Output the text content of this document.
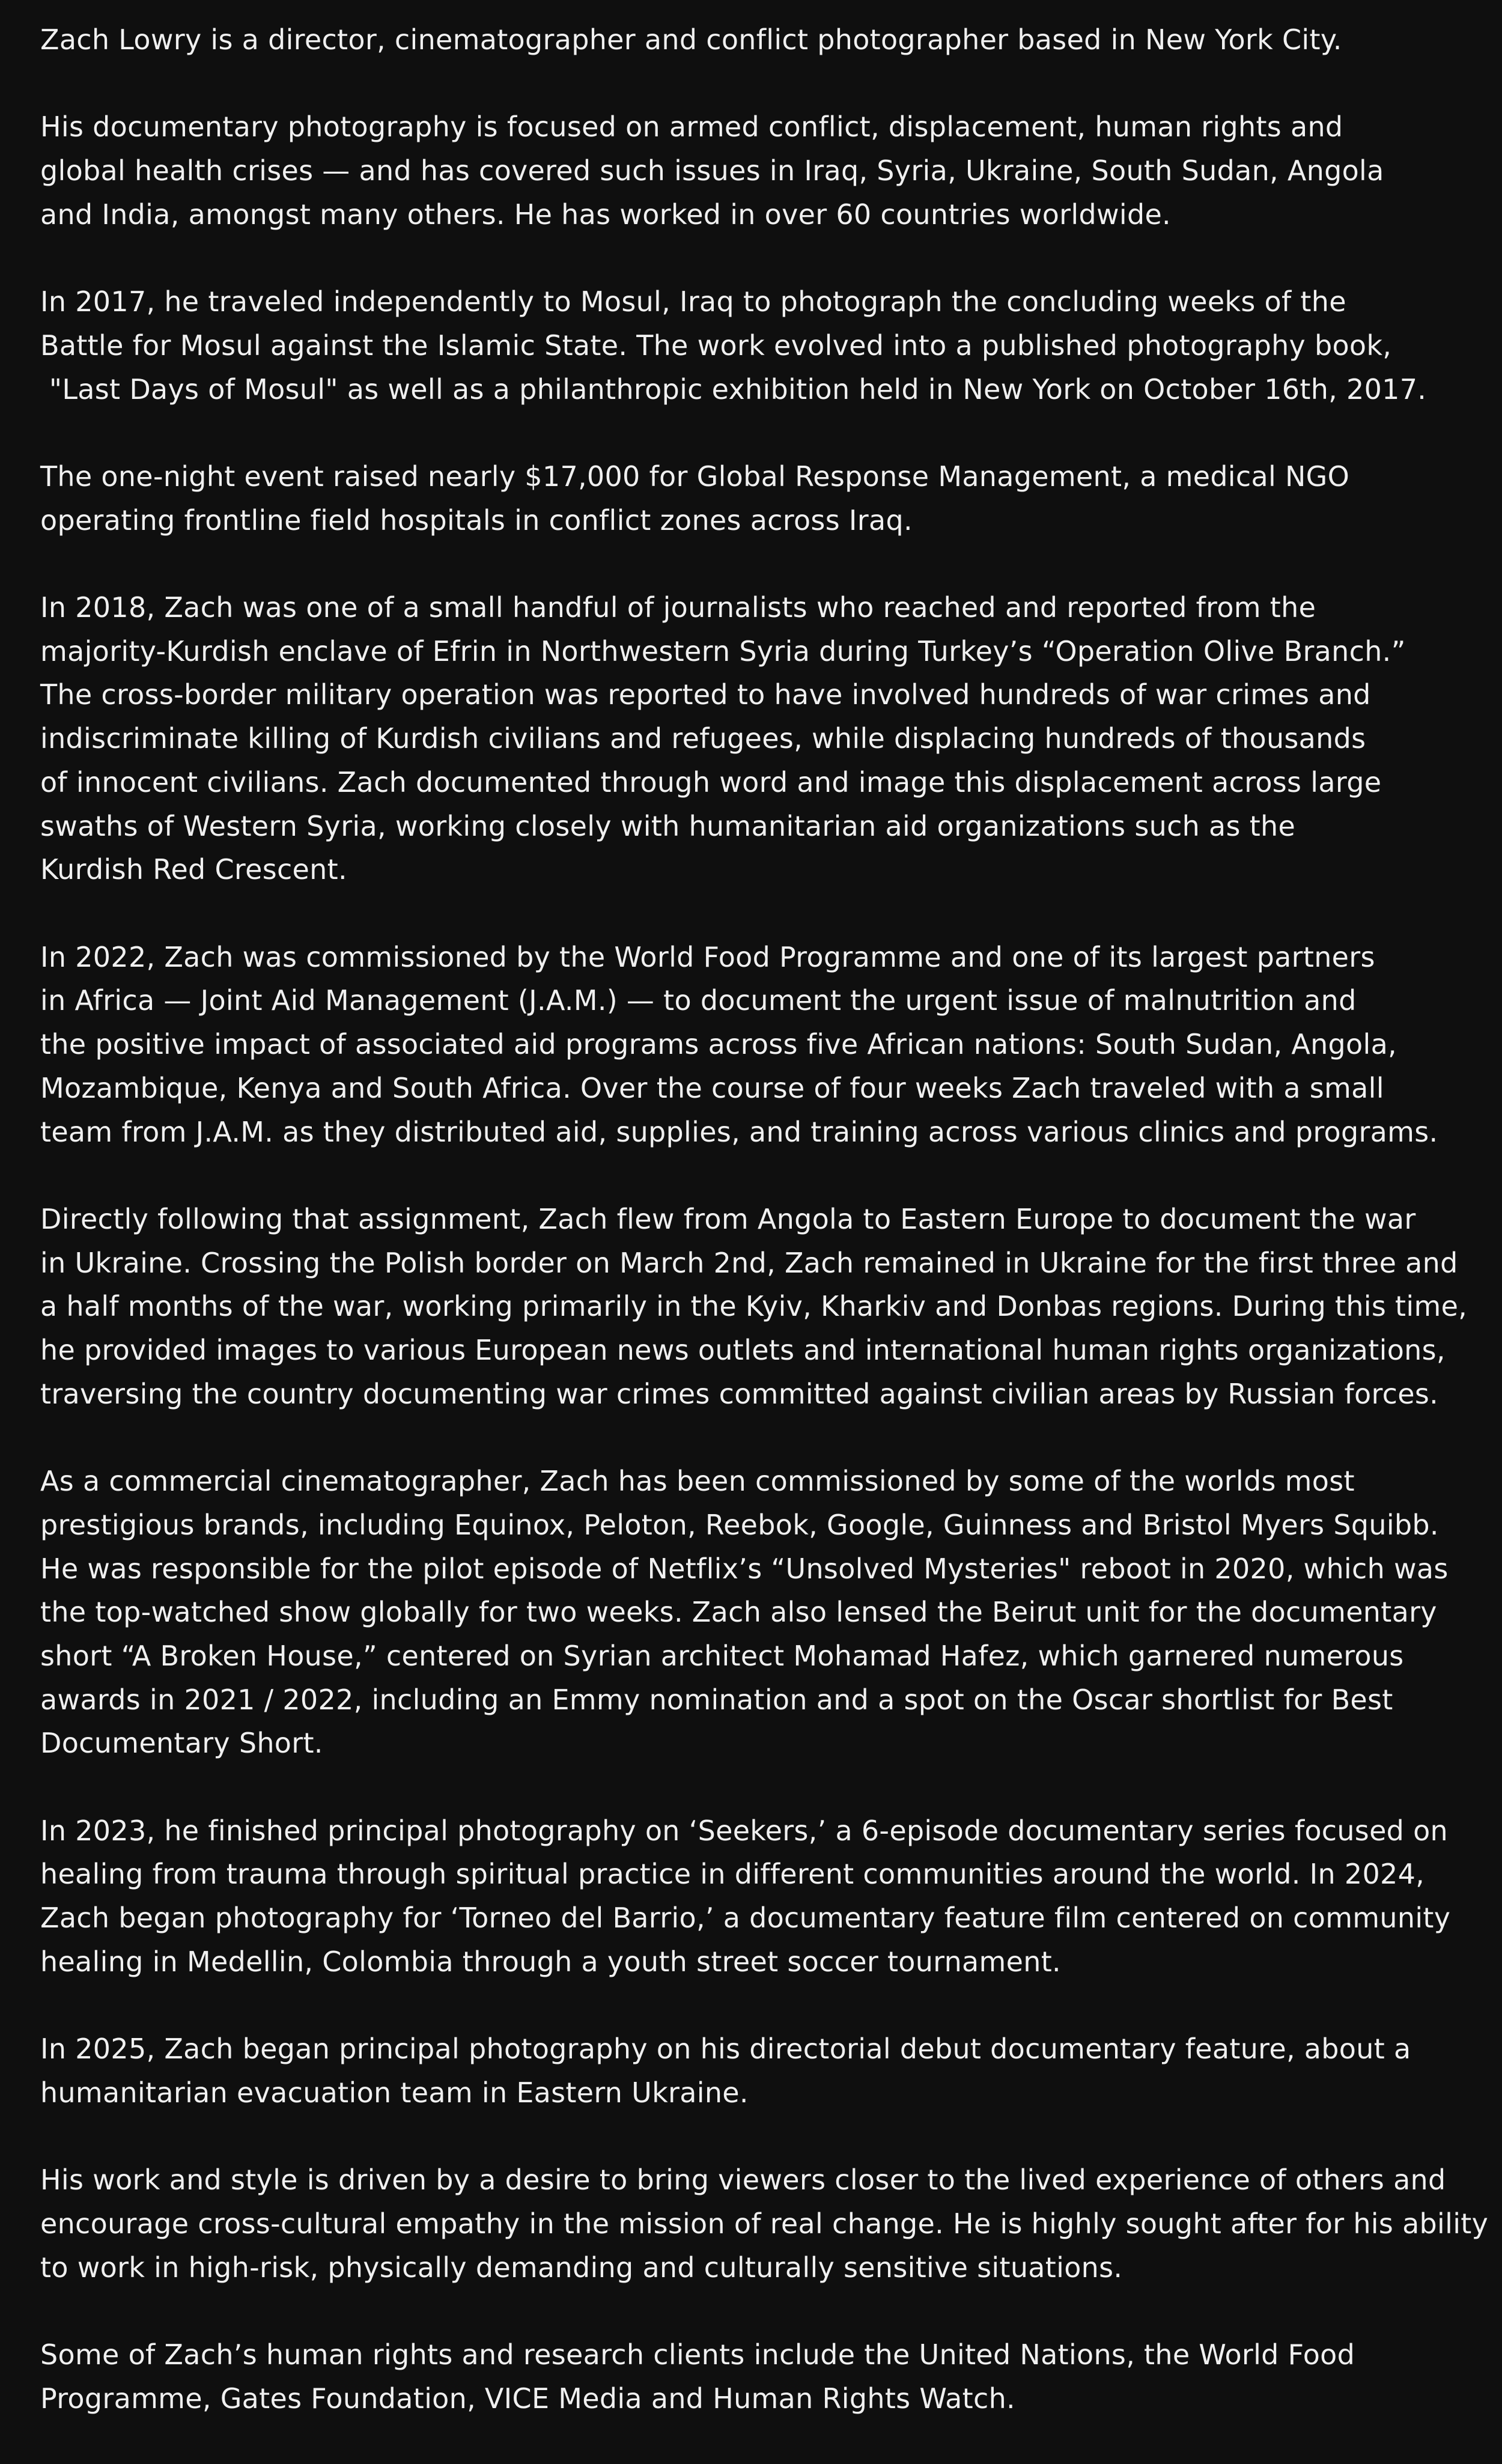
Zach Lowry is a director, cinematographer and conflict photographer based in New York City.

His documentary photography is focused on armed conflict, displacement, human rights and
global health crises — and has covered such issues in Iraq, Syria, Ukraine, South Sudan, Angola
and India, amongst many others. He has worked in over 60 countries worldwide.

In 2017, he traveled independently to Mosul, Iraq to photograph the concluding weeks of the
Battle for Mosul against the Islamic State. The work evolved into a published photography book,
"Last Days of Mosul" as well as a philanthropic exhibition held in New York on October 16th, 2017.

The one-night event raised nearly $17,000 for Global Response Management, a medical NGO
operating frontline field hospitals in conflict zones across Iraq.

In 2018, Zach was one of a small handful of journalists who reached and reported from the
majority-Kurdish enclave of Efrin in Northwestern Syria during Turkey’s “Operation Olive Branch.”
The cross-border military operation was reported to have involved hundreds of war crimes and
indiscriminate killing of Kurdish civilians and refugees, while displacing hundreds of thousands
of innocent civilians. Zach documented through word and image this displacement across large
swaths of Western Syria, working closely with humanitarian aid organizations such as the
Kurdish Red Crescent.

In 2022, Zach was commissioned by the World Food Programme and one of its largest partners
in Africa — Joint Aid Management (J.A.M.) — to document the urgent issue of malnutrition and
the positive impact of associated aid programs across five African nations: South Sudan, Angola,
Mozambique, Kenya and South Africa. Over the course of four weeks Zach traveled with a small
team from J.A.M. as they distributed aid, supplies, and training across various clinics and programs.

Directly following that assignment, Zach flew from Angola to Eastern Europe to document the war
in Ukraine. Crossing the Polish border on March 2nd, Zach remained in Ukraine for the first three and
a half months of the war, working primarily in the Kyiv, Kharkiv and Donbas regions. During this time,
he provided images to various European news outlets and international human rights organizations,
traversing the country documenting war crimes committed against civilian areas by Russian forces.

As a commercial cinematographer, Zach has been commissioned by some of the worlds most
prestigious brands, including Equinox, Peloton, Reebok, Google, Guinness and Bristol Myers Squibb.
He was responsible for the pilot episode of Netflix’s “Unsolved Mysteries" reboot in 2020, which was
the top-watched show globally for two weeks. Zach also lensed the Beirut unit for the documentary
short “A Broken House,” centered on Syrian architect Mohamad Hafez, which garnered numerous
awards in 2021 / 2022, including an Emmy nomination and a spot on the Oscar shortlist for Best
Documentary Short.

In 2023, he finished principal photography on ‘Seekers,’ a 6-episode documentary series focused on
healing from trauma through spiritual practice in different communities around the world. In 2024,
Zach began photography for ‘Torneo del Barrio,’ a documentary feature film centered on community
healing in Medellin, Colombia through a youth street soccer tournament.

In 2025, Zach began principal photography on his directorial debut documentary feature, about a
humanitarian evacuation team in Eastern Ukraine.

His work and style is driven by a desire to bring viewers closer to the lived experience of others and
encourage cross-cultural empathy in the mission of real change. He is highly sought after for his ability
to work in high-risk, physically demanding and culturally sensitive situations.

Some of Zach’s human rights and research clients include the United Nations, the World Food
Programme, Gates Foundation, VICE Media and Human Rights Watch.
